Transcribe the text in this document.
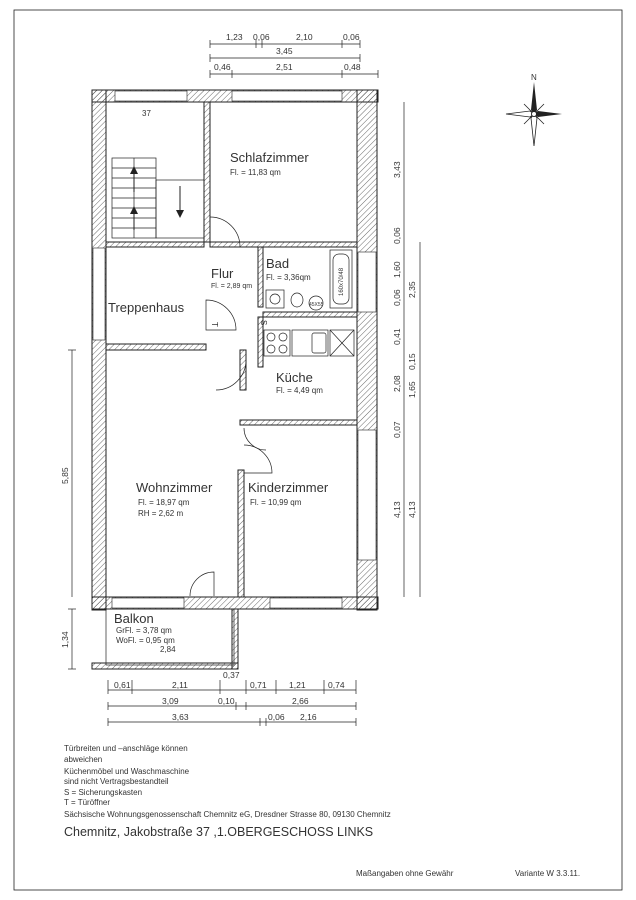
N
160x70/48
45X55
S
T
37
Schlafzimmer
Fl. = 11,83 qm
Bad
Fl. = 3,36qm
Flur
Fl. = 2,89 qm
Treppenhaus
Küche
Fl. = 4,49 qm
Wohnzimmer
Fl. = 18,97 qm
RH = 2,62 m
Kinderzimmer
Fl. = 10,99 qm
Balkon
GrFl. = 3,78 qm
WoFl. = 0,95 qm
2,84
1,23 0,06	2,10	0,06
3,45
0,46	2,51	0,48
3,43
0,06
1,60
0,06
0,41
0,15
2,08 1,65
0,07
4,13
2,35
4,13
5,85
1,34
0,61	2,11
0,37
0,71	1,21	0,74
3,09	0,10	2,66
3,63	0,06 2,16
Türbreiten und –anschläge können
abweichen
Küchenmöbel und Waschmaschine
sind nicht Vertragsbestandteil
S = Sicherungskasten
T = Türöffner
Sächsische Wohnungsgenossenschaft Chemnitz eG, Dresdner Strasse 80, 09130 Chemnitz
Chemnitz, Jakobstraße 37 ,1.OBERGESCHOSS LINKS
Maßangaben ohne Gewähr	Variante W 3.3.11.
